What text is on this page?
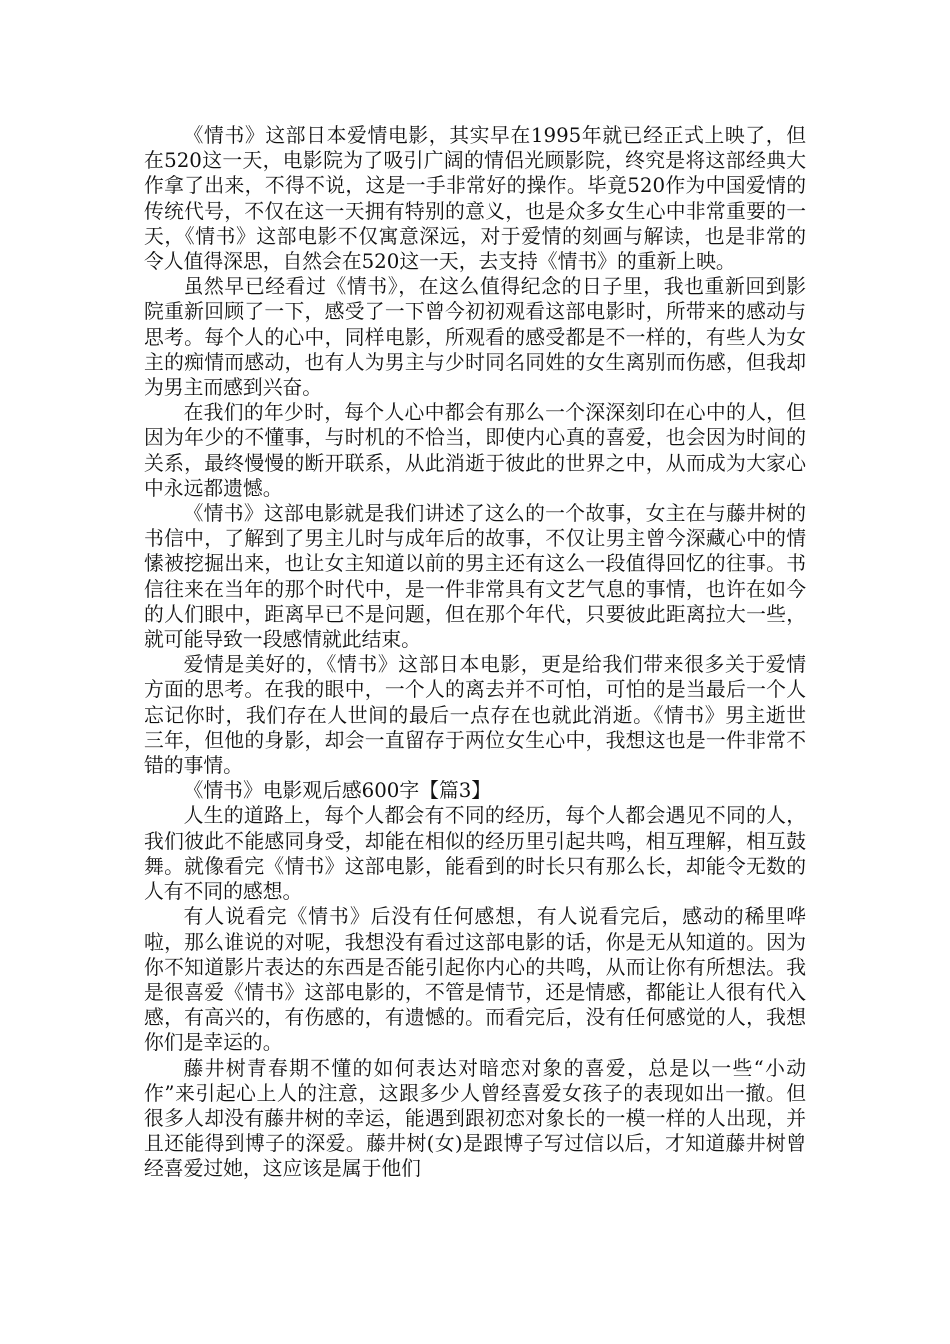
《情书》这部日本爱情电影，其实早在1995年就已经正式上映了，但在520这一天，电影院为了吸引广阔的情侣光顾影院，终究是将这部经典大作拿了出来，不得不说，这是一手非常好的操作。毕竟520作为中国爱情的传统代号，不仅在这一天拥有特别的意义，也是众多女生心中非常重要的一天，《情书》这部电影不仅寓意深远，对于爱情的刻画与解读，也是非常的令人值得深思，自然会在520这一天，去支持《情书》的重新上映。

虽然早已经看过《情书》，在这么值得纪念的日子里，我也重新回到影院重新回顾了一下，感受了一下曾今初初观看这部电影时，所带来的感动与思考。每个人的心中，同样电影，所观看的感受都是不一样的，有些人为女主的痴情而感动，也有人为男主与少时同名同姓的女生离别而伤感，但我却为男主而感到兴奋。

在我们的年少时，每个人心中都会有那么一个深深刻印在心中的人，但因为年少的不懂事，与时机的不恰当，即使内心真的喜爱，也会因为时间的关系，最终慢慢的断开联系，从此消逝于彼此的世界之中，从而成为大家心中永远都遗憾。

《情书》这部电影就是我们讲述了这么的一个故事，女主在与藤井树的书信中，了解到了男主儿时与成年后的故事，不仅让男主曾今深藏心中的情愫被挖掘出来，也让女主知道以前的男主还有这么一段值得回忆的往事。书信往来在当年的那个时代中，是一件非常具有文艺气息的事情，也许在如今的人们眼中，距离早已不是问题，但在那个年代，只要彼此距离拉大一些，就可能导致一段感情就此结束。

爱情是美好的，《情书》这部日本电影，更是给我们带来很多关于爱情方面的思考。在我的眼中，一个人的离去并不可怕，可怕的是当最后一个人忘记你时，我们存在人世间的最后一点存在也就此消逝。《情书》男主逝世三年，但他的身影，却会一直留存于两位女生心中，我想这也是一件非常不错的事情。

《情书》电影观后感600字【篇3】

人生的道路上，每个人都会有不同的经历，每个人都会遇见不同的人，我们彼此不能感同身受，却能在相似的经历里引起共鸣，相互理解，相互鼓舞。就像看完《情书》这部电影，能看到的时长只有那么长，却能令无数的人有不同的感想。

有人说看完《情书》后没有任何感想，有人说看完后，感动的稀里哗啦，那么谁说的对呢，我想没有看过这部电影的话，你是无从知道的。因为你不知道影片表达的东西是否能引起你内心的共鸣，从而让你有所想法。我是很喜爱《情书》这部电影的，不管是情节，还是情感，都能让人很有代入感，有高兴的，有伤感的，有遗憾的。而看完后，没有任何感觉的人，我想你们是幸运的。

藤井树青春期不懂的如何表达对暗恋对象的喜爱，总是以一些“小动作”来引起心上人的注意，这跟多少人曾经喜爱女孩子的表现如出一撤。但很多人却没有藤井树的幸运，能遇到跟初恋对象长的一模一样的人出现，并且还能得到博子的深爱。藤井树(女)是跟博子写过信以后，才知道藤井树曾经喜爱过她，这应该是属于他们
